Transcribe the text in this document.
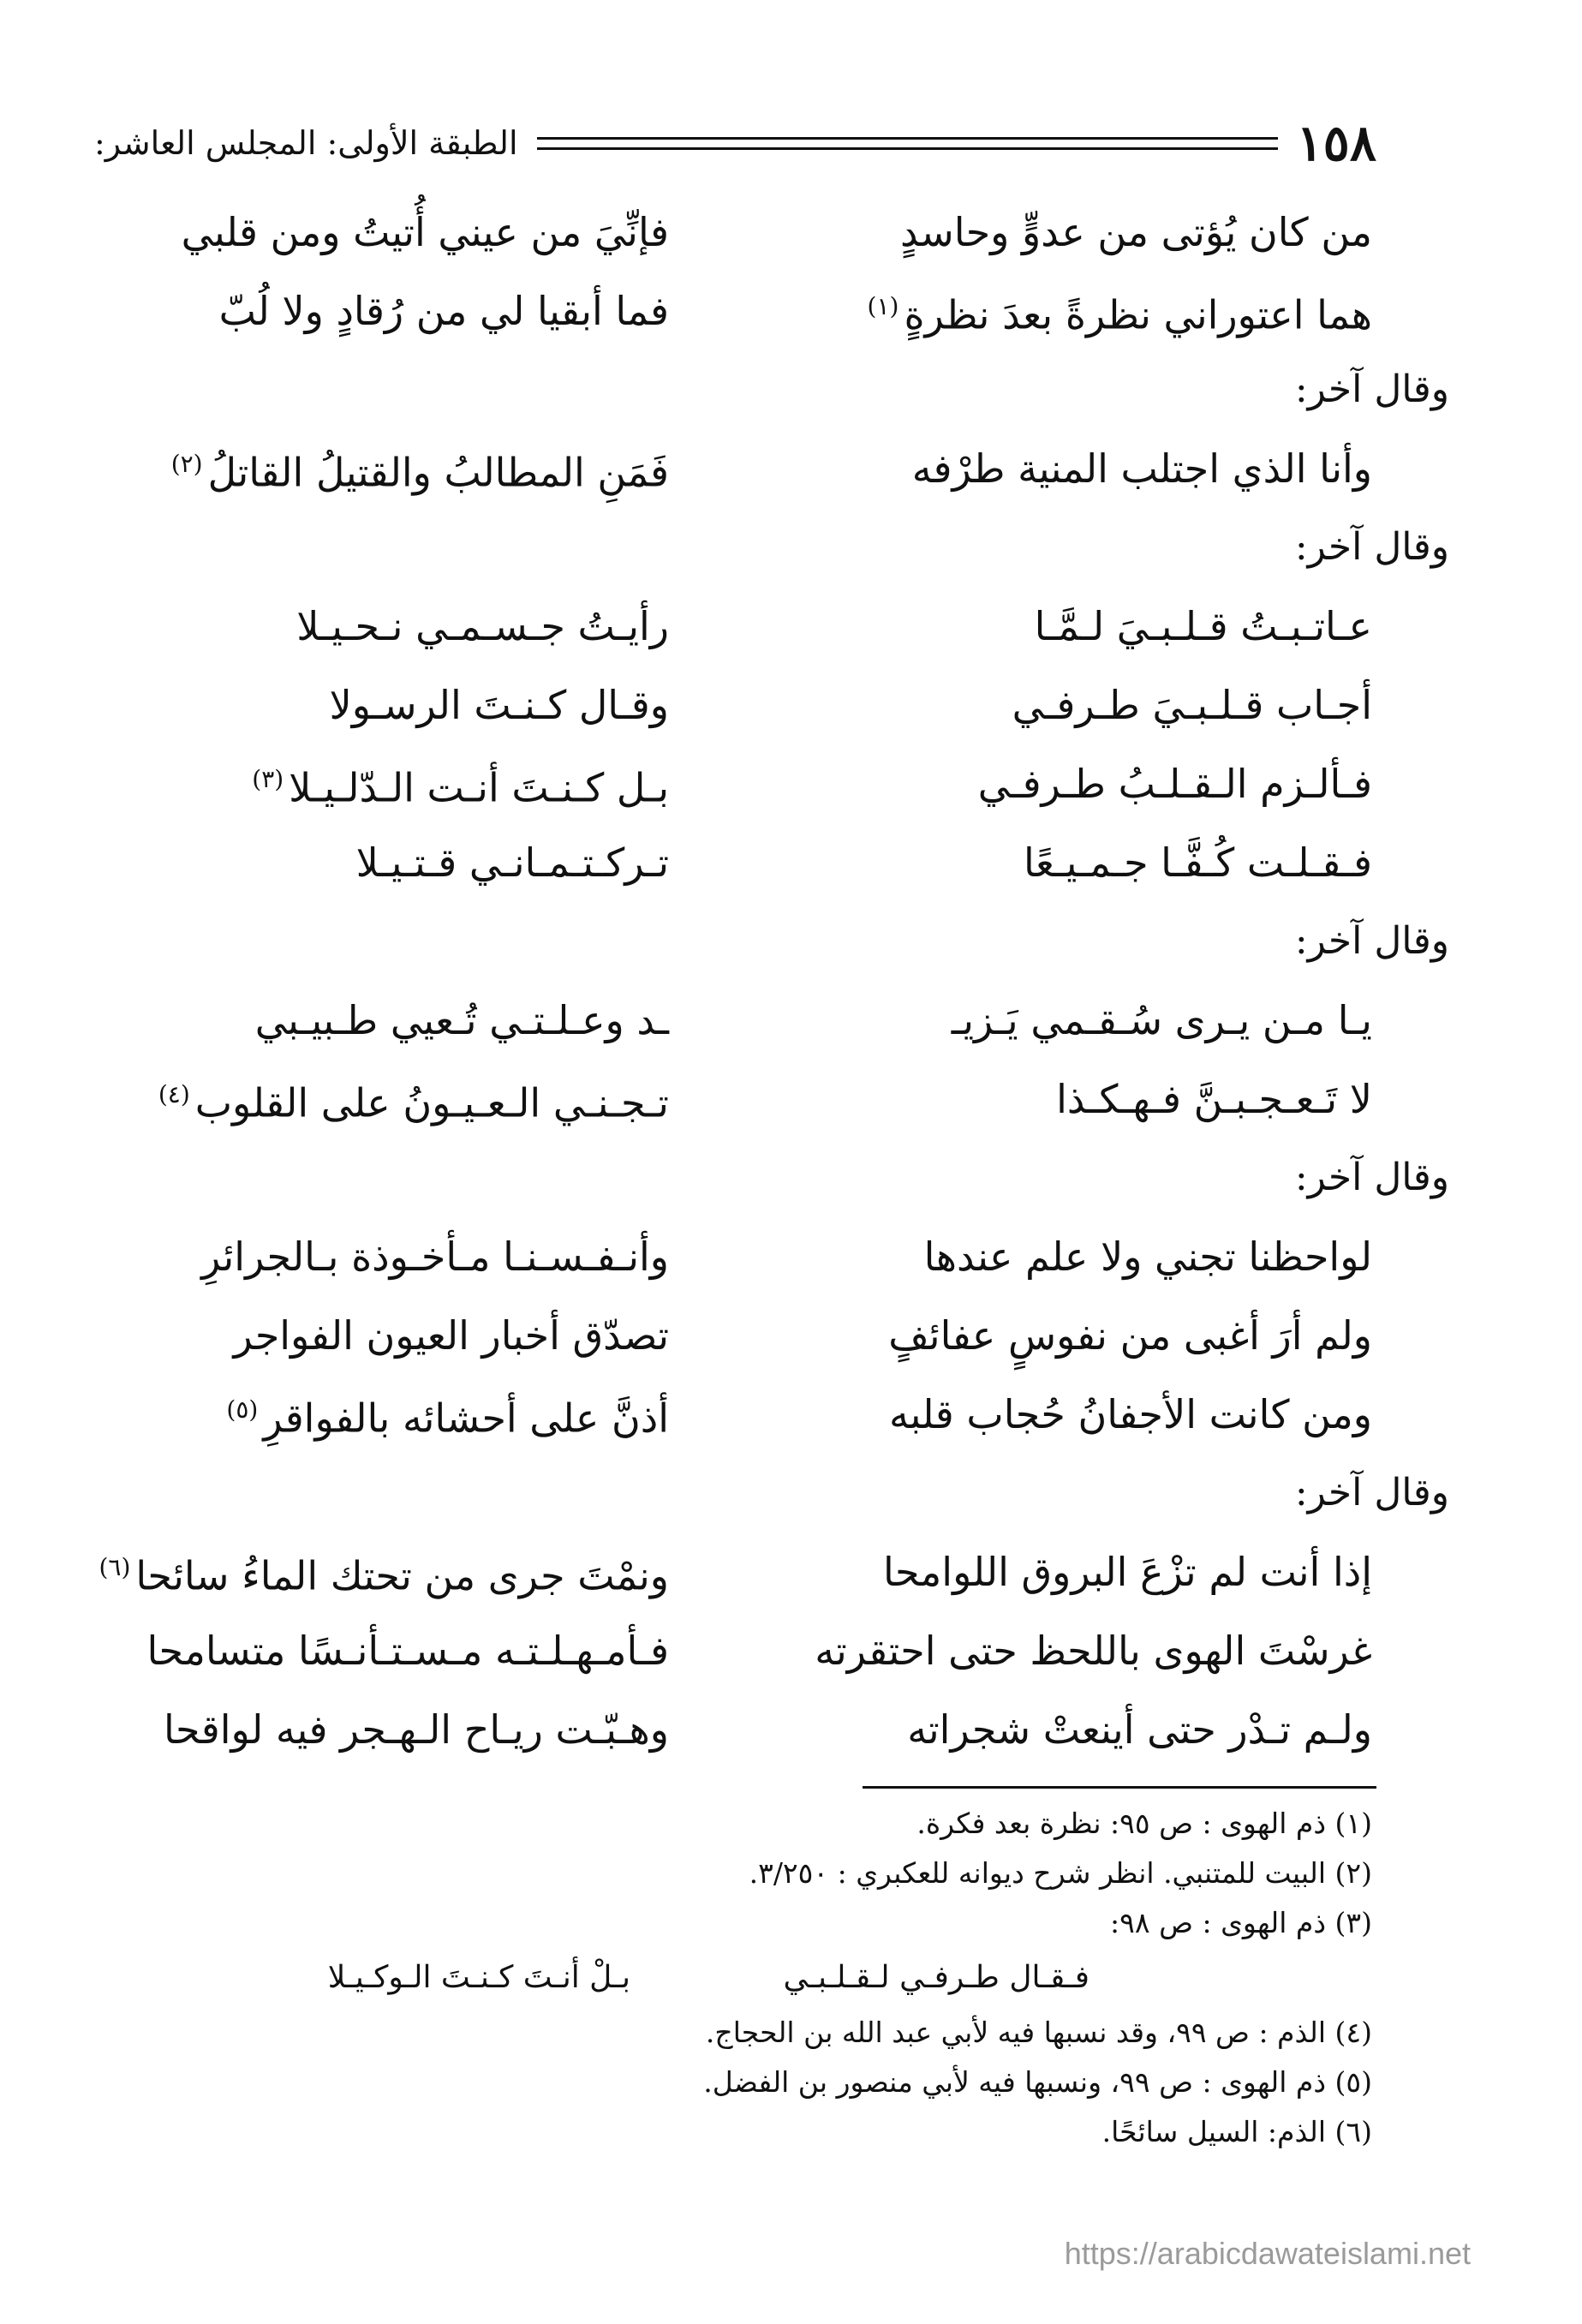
١٥٨
الطبقة الأولى: المجلس العاشر:
من كان يُؤتى من عدوٍّ وحاسدٍ
فإنِّيَ من عيني أُتيتُ ومن قلبي
هما اعتوراني نظرةً بعدَ نظرةٍ$^{(١)}$
فما أبقيا لي من رُقادٍ ولا لُبّ
وقال آخر:
وأنا الذي اجتلب المنية طرْفه
فَمَنِ المطالبُ والقتيلُ القاتلُ$^{(٢)}$
وقال آخر:
عـاتـبـتُ قـلـبـيَ لـمَّـا
رأيـتُ جـسـمـي نـحـيـلا
أجـاب قـلـبـيَ طـرفـي
وقـال كـنـتَ الرسـولا
فـألـزم الـقـلـبُ طـرفـي
بـل كـنـتَ أنـت الـدّلـيـلا$^{(٣)}$
فـقـلـت كُـفَّـا جـمـيـعًا
تـركـتـمـانـي قـتـيـلا
وقال آخر:
يـا مـن يـرى سُـقـمي يَـزيـ
ـد وعـلـتـي تُـعيي طـبيـبي
لا تَـعـجـبـنَّ فـهـكـذا
تـجـنـي الـعـيـونُ على القلوب$^{(٤)}$
وقال آخر:
لواحظنا تجني ولا علم عندها
وأنـفـسـنـا مـأخـوذة بـالجرائرِ
ولم أرَ أغبى من نفوسٍ عفائفٍ
تصدّق أخبار العيون الفواجر
ومن كانت الأجفانُ حُجاب قلبه
أذنَّ على أحشائه بالفواقرِ$^{(٥)}$
وقال آخر:
إذا أنت لم تزْعَ البروق اللوامحا
ونمْتَ جرى من تحتك الماءُ سائحا$^{(٦)}$
غرسْتَ الهوى باللحظ حتى احتقرته
فـأمـهـلـتـه مـسـتـأنـسًا متسامحا
ولـم تـدْر حتى أينعتْ شجراته
وهـبّـت ريـاح الـهـجر فيه لواقحا
(١) ذم الهوى : ص ٩٥: نظرة بعد فكرة.
(٢) البيت للمتنبي. انظر شرح ديوانه للعكبري : ٣/٢٥٠.
(٣) ذم الهوى : ص ٩٨:
فـقـال طـرفـي لـقـلـبـي
بـلْ أنـتَ كـنـتَ الـوكـيـلا
(٤) الذم : ص ٩٩، وقد نسبها فيه لأبي عبد الله بن الحجاج.
(٥) ذم الهوى : ص ٩٩، ونسبها فيه لأبي منصور بن الفضل.
(٦) الذم: السيل سائحًا.
https://arabicdawateislami.net
